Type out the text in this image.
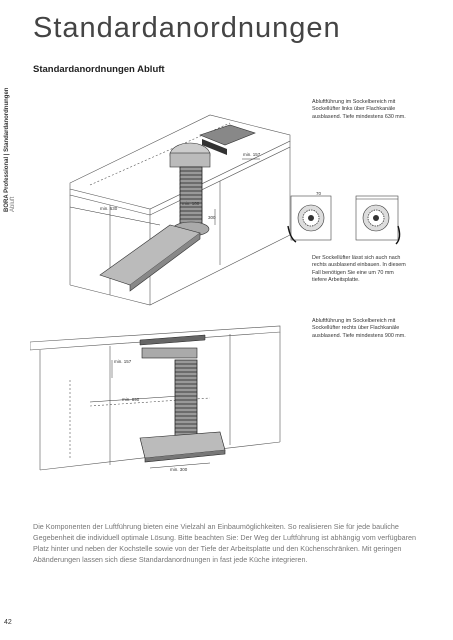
BORA Professional | Standardanordnungen
Abluft
Standardanordnungen
Standardanordnungen Abluft
min. 157
min. 630
min. 100
300
Abluftführung im Sockelbereich mit Sockellüfter links über Flachkanäle ausblasend. Tiefe mindestens 630 mm.
70
Der Sockellüfter lässt sich auch nach rechts ausblasend einbauen. In diesem Fall benötigen Sie eine um 70 mm tiefere Arbeitsplatte.
min. 157
min. 890
min. 300
Abluftführung im Sockelbereich mit Sockellüfter rechts über Flachkanäle ausblasend. Tiefe mindestens 900 mm.

Die Komponenten der Luftführung bieten eine Vielzahl an Einbaumöglichkeiten. So realisieren Sie für jede bauliche Gegebenheit die individuell optimale Lösung. Bitte beachten Sie: Der Weg der Luftführung ist abhängig vom verfügbaren Platz hinter und neben der Kochstelle sowie von der Tiefe der Arbeitsplatte und den Küchenschränken. Mit geringen Abänderungen lassen sich diese Standardanordnungen in fast jede Küche integrieren.

42
